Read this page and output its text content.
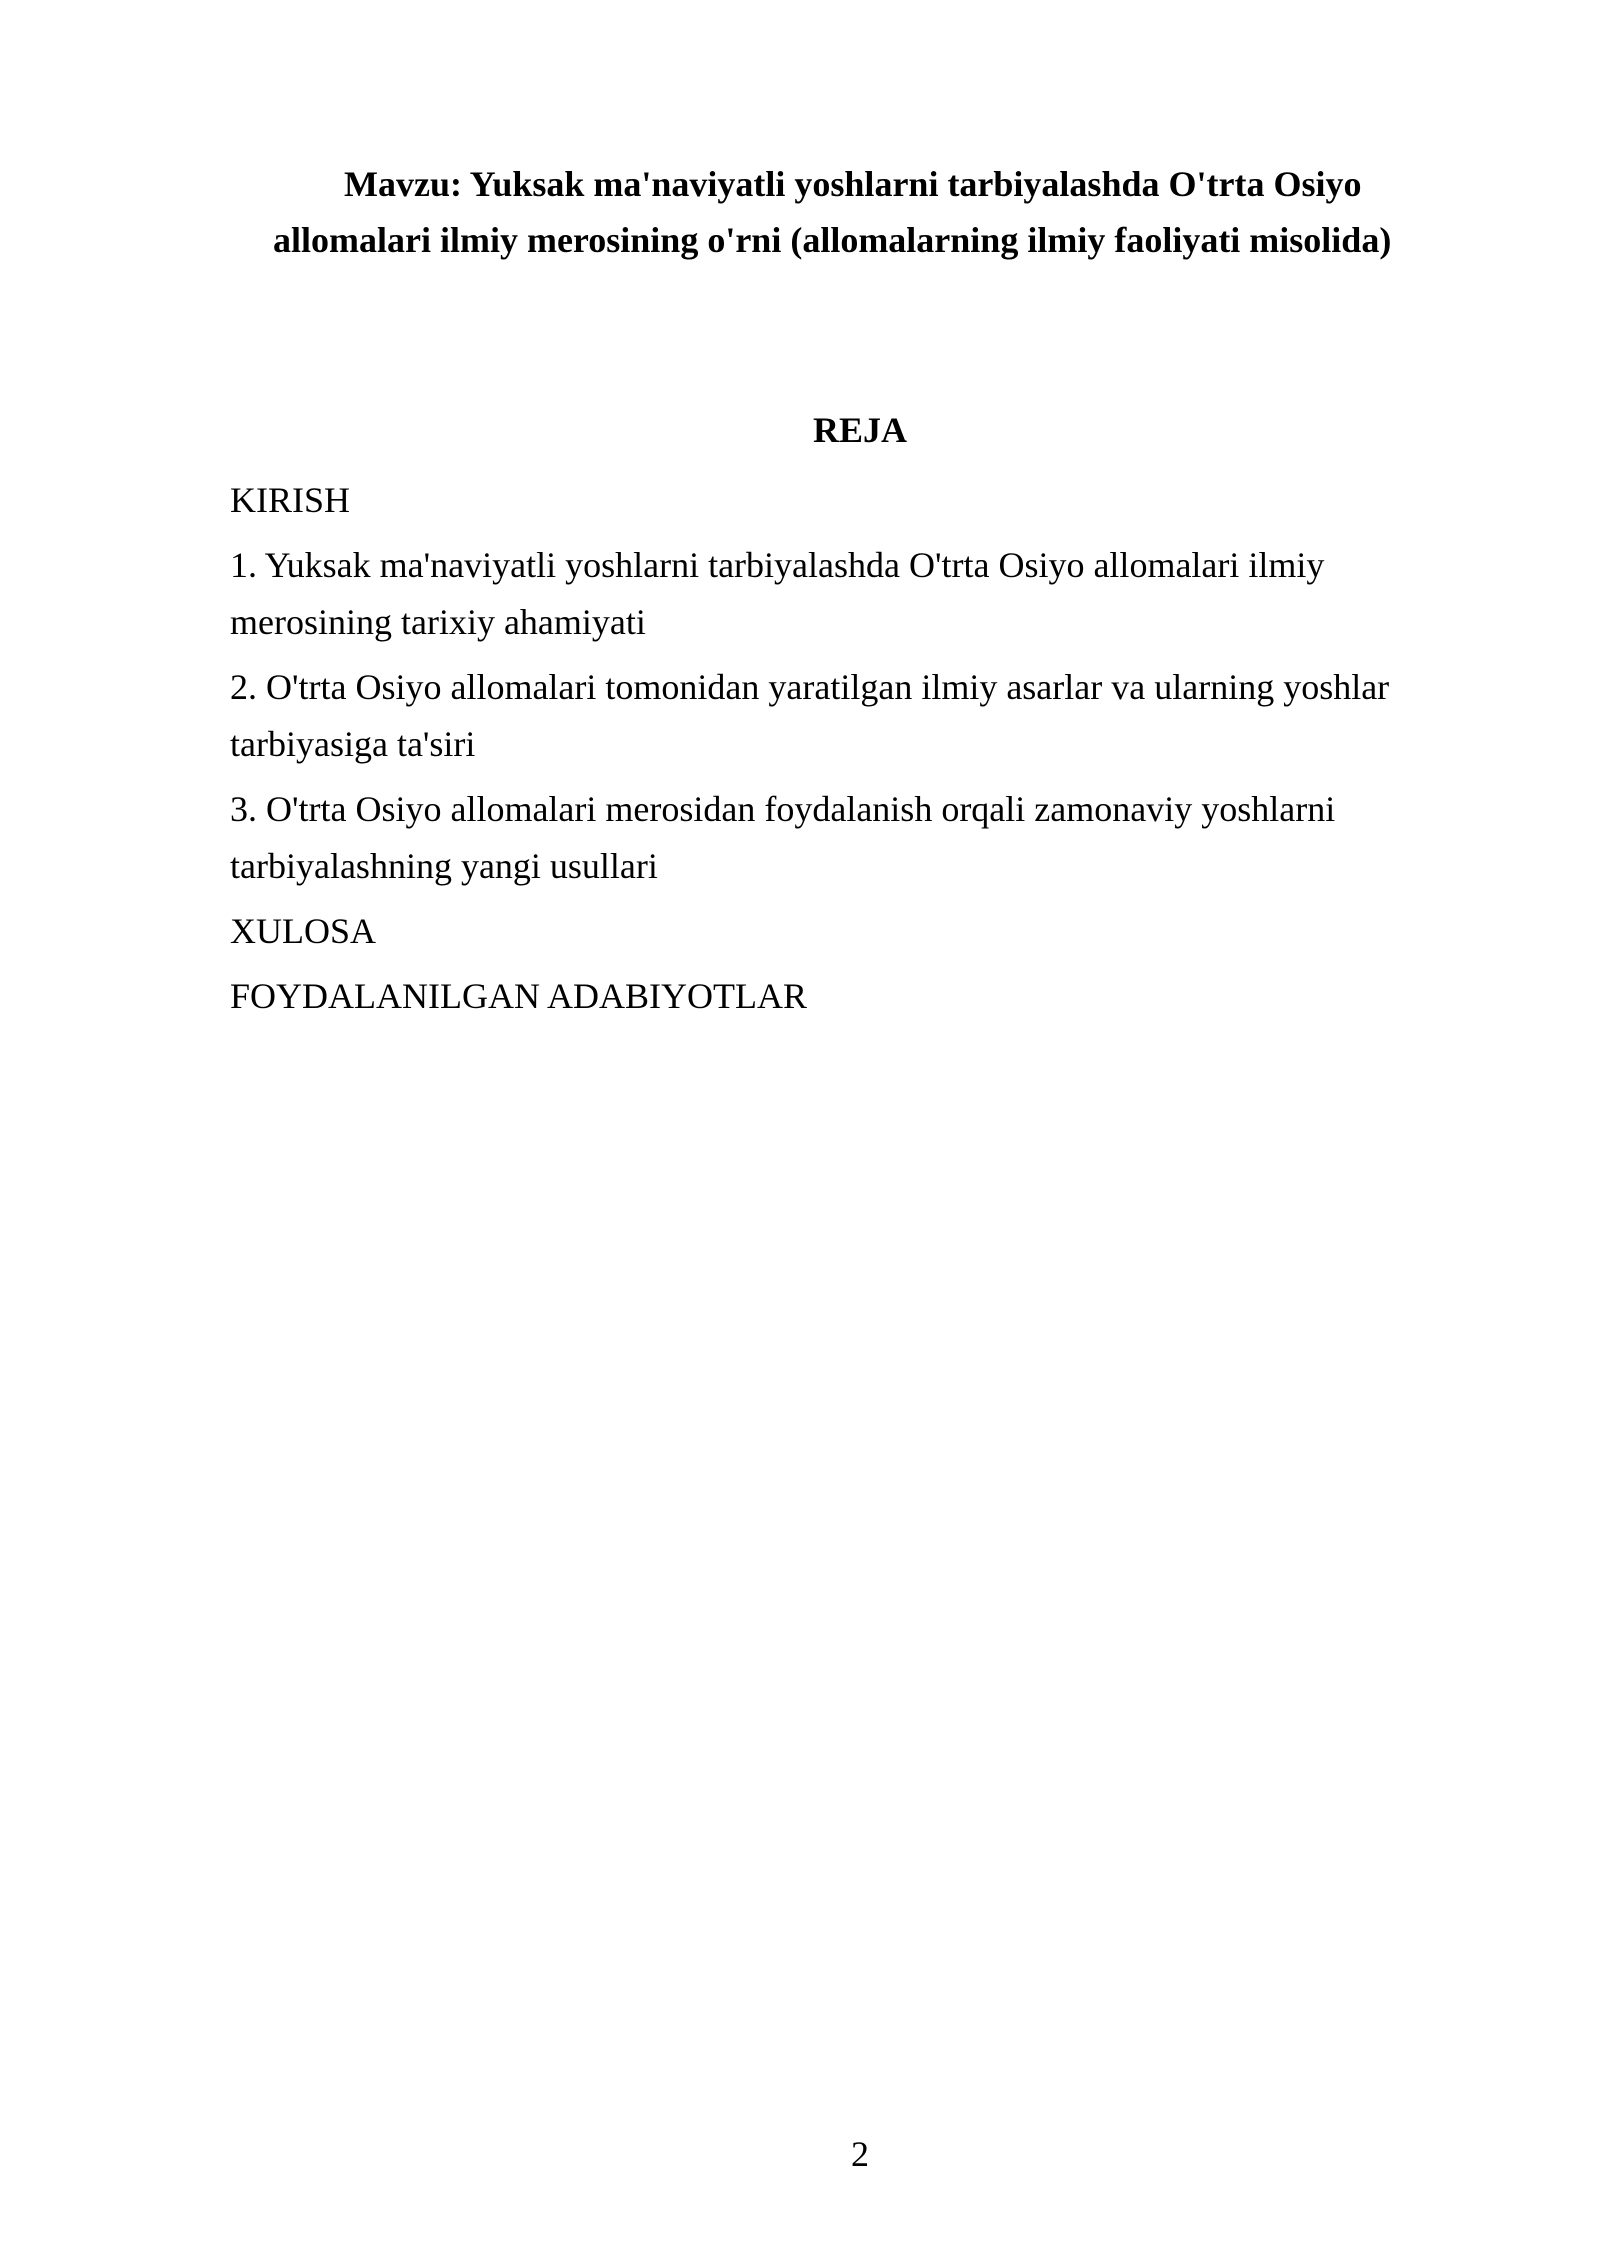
Mavzu: Yuksak ma'naviyatli yoshlarni tarbiyalashda O'trta Osiyo
allomalari ilmiy merosining o'rni (allomalarning ilmiy faoliyati misolida)
REJA
KIRISH
1. Yuksak ma'naviyatli yoshlarni tarbiyalashda O'trta Osiyo allomalari ilmiy merosining tarixiy ahamiyati
2. O'trta Osiyo allomalari tomonidan yaratilgan ilmiy asarlar va ularning yoshlar tarbiyasiga ta'siri
3. O'trta Osiyo allomalari merosidan foydalanish orqali zamonaviy yoshlarni tarbiyalashning yangi usullari
XULOSA
FOYDALANILGAN ADABIYOTLAR
2
